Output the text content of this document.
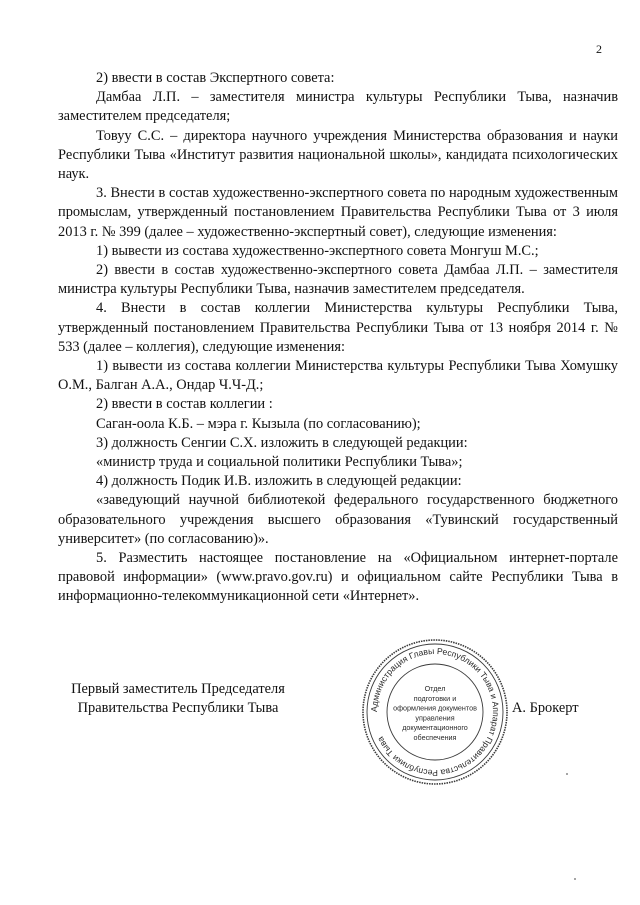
2

2) ввести в состав Экспертного совета:

Дамбаа Л.П. – заместителя министра культуры Республики Тыва, назначив заместителем председателя;

Товуу С.С. – директора научного учреждения Министерства образования и науки Республики Тыва «Институт развития национальной школы», кандидата психологических наук.

3. Внести в состав художественно-экспертного совета по народным художественным промыслам, утвержденный постановлением Правительства Республики Тыва от 3 июля 2013 г. № 399 (далее – художественно-экспертный совет), следующие изменения:

1) вывести из состава художественно-экспертного совета Монгуш М.С.;

2) ввести в состав художественно-экспертного совета Дамбаа Л.П. – заместителя министра культуры Республики Тыва, назначив заместителем председателя.

4. Внести в состав коллегии Министерства культуры Республики Тыва, утвержденный постановлением Правительства Республики Тыва от 13 ноября 2014 г. № 533 (далее – коллегия), следующие изменения:

1) вывести из состава коллегии Министерства культуры Республики Тыва Хомушку О.М., Балган А.А., Ондар Ч.Ч-Д.;

2) ввести в состав коллегии :

Саган-оола К.Б. – мэра г. Кызыла (по согласованию);

3) должность Сенгии С.Х. изложить в следующей редакции:

«министр труда и социальной политики Республики Тыва»;

4) должность Подик И.В. изложить в следующей редакции:

«заведующий научной библиотекой федерального государственного бюджетного образовательного учреждения высшего образования «Тувинский государственный университет» (по согласованию)».

5. Разместить настоящее постановление на «Официальном интернет-портале правовой информации» (www.pravo.gov.ru) и официальном сайте Республики Тыва в информационно-телекоммуникационной сети «Интернет».

Первый заместитель Председателя
Правительства Республики Тыва	Администрация Главы Республики Тыва и Аппарат Правительства Республики Тыва
Отдел
подготовки и
оформления документов
управления
документационного
обеспечения
А. Брокерт
